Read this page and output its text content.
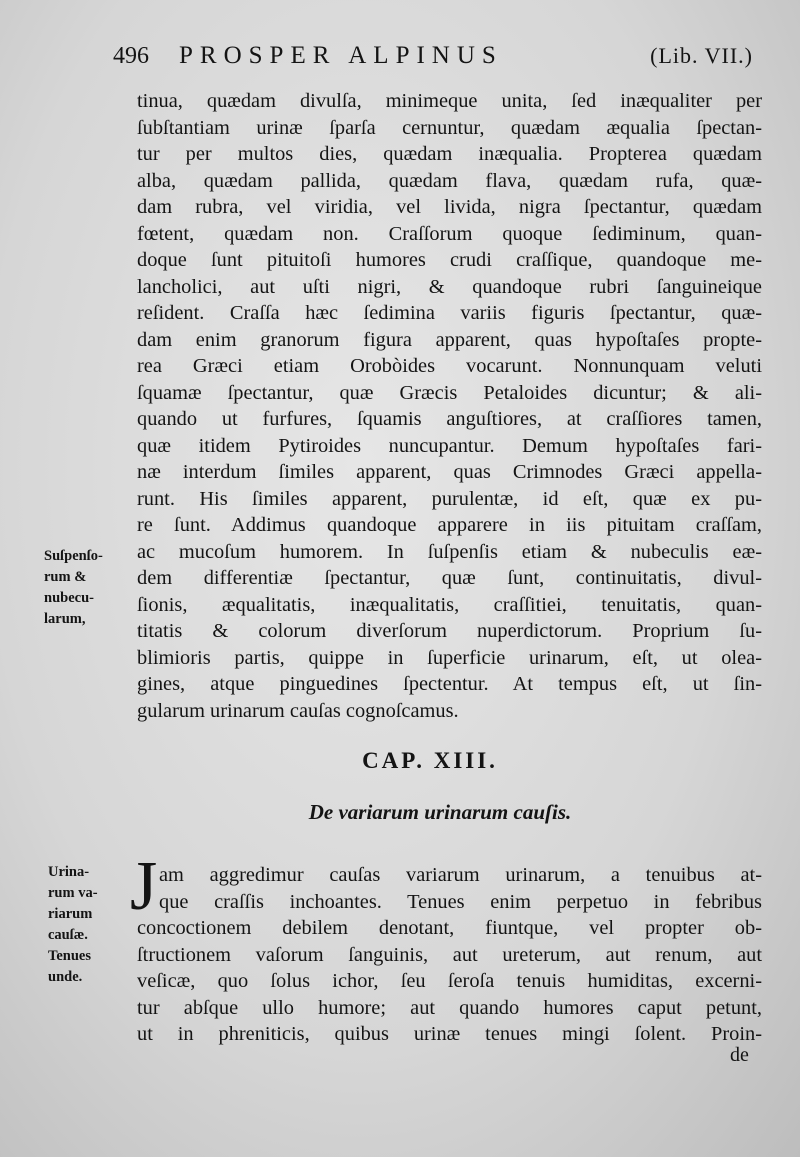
496 PROSPER ALPINUS	(Lib. VII.)
tinua, quædam divulſa, minimeque unita, ſed inæqualiter per
ſubſtantiam urinæ ſparſa cernuntur, quædam æqualia ſpectan-
tur per multos dies, quædam inæqualia. Propterea quædam
alba, quædam pallida, quædam flava, quædam rufa, quæ-
dam rubra, vel viridia, vel livida, nigra ſpectantur, quædam
fœtent, quædam non. Craſſorum quoque ſediminum, quan-
doque ſunt pituitoſi humores crudi craſſique, quandoque me-
lancholici, aut uſti nigri, & quandoque rubri ſanguineique
reſident. Craſſa hæc ſedimina variis figuris ſpectantur, quæ-
dam enim granorum figura apparent, quas hypoſtaſes propte-
rea Græci etiam Orobòides vocarunt. Nonnunquam veluti
ſquamæ ſpectantur, quæ Græcis Petaloides dicuntur; & ali-
quando ut furfures, ſquamis anguſtiores, at craſſiores tamen,
quæ itidem Pytiroides nuncupantur. Demum hypoſtaſes fari-
næ interdum ſimiles apparent, quas Crimnodes Græci appella-
runt. His ſimiles apparent, purulentæ, id eſt, quæ ex pu-
re ſunt. Addimus quandoque apparere in iis pituitam craſſam,
ac mucoſum humorem. In ſuſpenſis etiam & nubeculis eæ-
dem differentiæ ſpectantur, quæ ſunt, continuitatis, divul-
ſionis, æqualitatis, inæqualitatis, craſſitiei, tenuitatis, quan-
titatis & colorum diverſorum nuperdictorum. Proprium ſu-
blimioris partis, quippe in ſuperficie urinarum, eſt, ut olea-
gines, atque pinguedines ſpectentur. At tempus eſt, ut ſin-
gularum urinarum cauſas cognoſcamus.
Suſpenſo-
rum &
nubecu-
larum,
CAP. XIII.
De variarum urinarum cauſis.
Urina-
rum va-
riarum
cauſæ.
Tenues
unde.
J am aggredimur cauſas variarum urinarum, a tenuibus at-
que craſſis inchoantes. Tenues enim perpetuo in febribus
concoctionem debilem denotant, fiuntque, vel propter ob-
ſtructionem vaſorum ſanguinis, aut ureterum, aut renum, aut
veſicæ, quo ſolus ichor, ſeu ſeroſa tenuis humiditas, excerni-
tur abſque ullo humore; aut quando humores caput petunt,
ut in phreniticis, quibus urinæ tenues mingi ſolent. Proin-
de
